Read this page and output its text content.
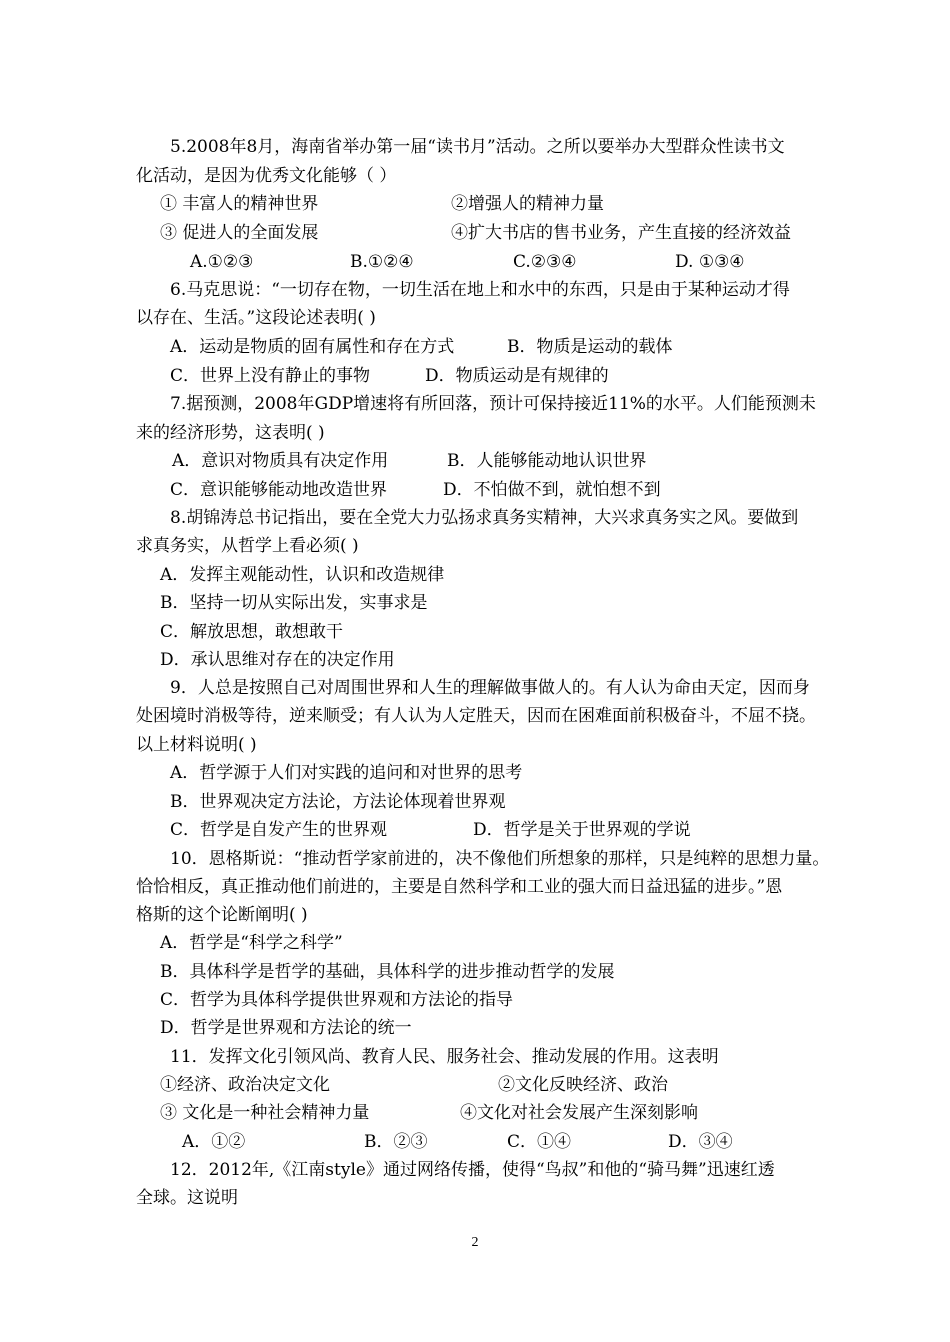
5.2008年8月，海南省举办第一届“读书月”活动。之所以要举办大型群众性读书文
化活动，是因为优秀文化能够（ ）
① 丰富人的精神世界	②增强人的精神力量
③ 促进人的全面发展	④扩大书店的售书业务，产生直接的经济效益
A.①②③	B.①②④	C.②③④	D. ①③④
6.马克思说：“一切存在物，一切生活在地上和水中的东西，只是由于某种运动才得
以存在、生活。”这段论述表明( )
A．运动是物质的固有属性和存在方式	B．物质是运动的载体
C．世界上没有静止的事物	D．物质运动是有规律的
7.据预测，2008年GDP增速将有所回落，预计可保持接近11%的水平。人们能预测未
来的经济形势，这表明( )
A．意识对物质具有决定作用	B．人能够能动地认识世界
C．意识能够能动地改造世界	D．不怕做不到，就怕想不到
8.胡锦涛总书记指出，要在全党大力弘扬求真务实精神，大兴求真务实之风。要做到
求真务实，从哲学上看必须( )
A．发挥主观能动性，认识和改造规律
B．坚持一切从实际出发，实事求是
C．解放思想，敢想敢干
D．承认思维对存在的决定作用
9．人总是按照自己对周围世界和人生的理解做事做人的。有人认为命由天定，因而身
处困境时消极等待，逆来顺受；有人认为人定胜天，因而在困难面前积极奋斗，不屈不挠。
以上材料说明( )
A．哲学源于人们对实践的追问和对世界的思考
B．世界观决定方法论，方法论体现着世界观
C．哲学是自发产生的世界观	D．哲学是关于世界观的学说
10．恩格斯说：“推动哲学家前进的，决不像他们所想象的那样，只是纯粹的思想力量。
恰恰相反，真正推动他们前进的，主要是自然科学和工业的强大而日益迅猛的进步。”恩
格斯的这个论断阐明( )
A．哲学是“科学之科学”
B．具体科学是哲学的基础，具体科学的进步推动哲学的发展
C．哲学为具体科学提供世界观和方法论的指导
D．哲学是世界观和方法论的统一
11．发挥文化引领风尚、教育人民、服务社会、推动发展的作用。这表明
①经济、政治决定文化	②文化反映经济、政治
③ 文化是一种社会精神力量	④文化对社会发展产生深刻影响
A．①②	B．②③	C．①④	D．③④
12．2012年,《江南style》通过网络传播，使得“鸟叔”和他的“骑马舞”迅速红透
全球。这说明
2
